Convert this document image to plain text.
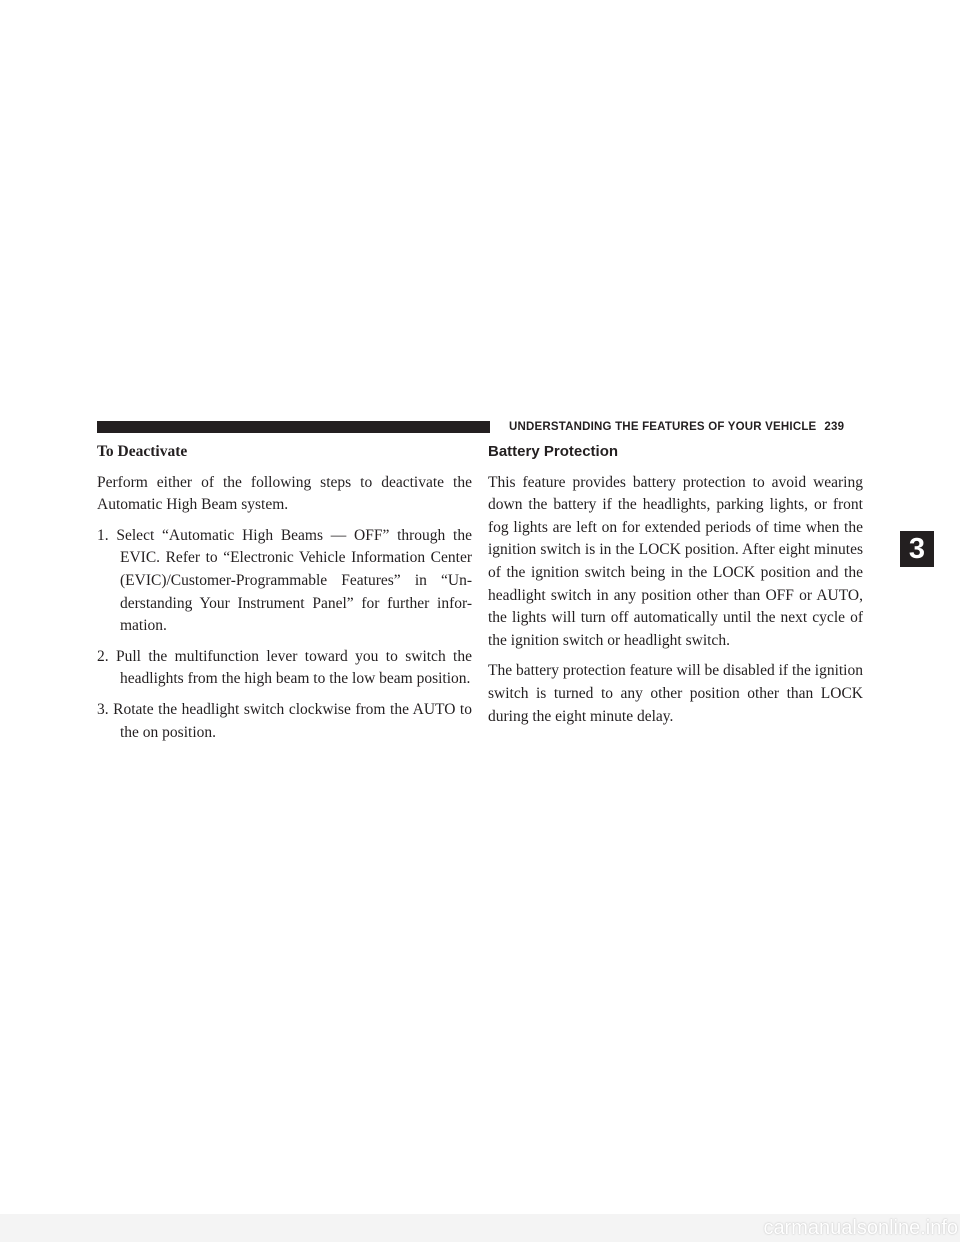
UNDERSTANDING THE FEATURES OF YOUR VEHICLE 239
To Deactivate

Perform either of the following steps to deactivate the Automatic High Beam system.

1. Select “Automatic High Beams — OFF” through the EVIC. Refer to “Electronic Vehicle Information Center (EVIC)/Customer-Programmable Features” in “Un-derstanding Your Instrument Panel” for further infor-mation.
2. Pull the multifunction lever toward you to switch the headlights from the high beam to the low beam position.
3. Rotate the headlight switch clockwise from the AUTO to the on position.
Battery Protection

This feature provides battery protection to avoid wearing down the battery if the headlights, parking lights, or front fog lights are left on for extended periods of time when the ignition switch is in the LOCK position. After eight minutes of the ignition switch being in the LOCK position and the headlight switch in any position other than OFF or AUTO, the lights will turn off automatically until the next cycle of the ignition switch or headlight switch.

The battery protection feature will be disabled if the ignition switch is turned to any other position other than LOCK during the eight minute delay.

3
carmanualsonline.info
